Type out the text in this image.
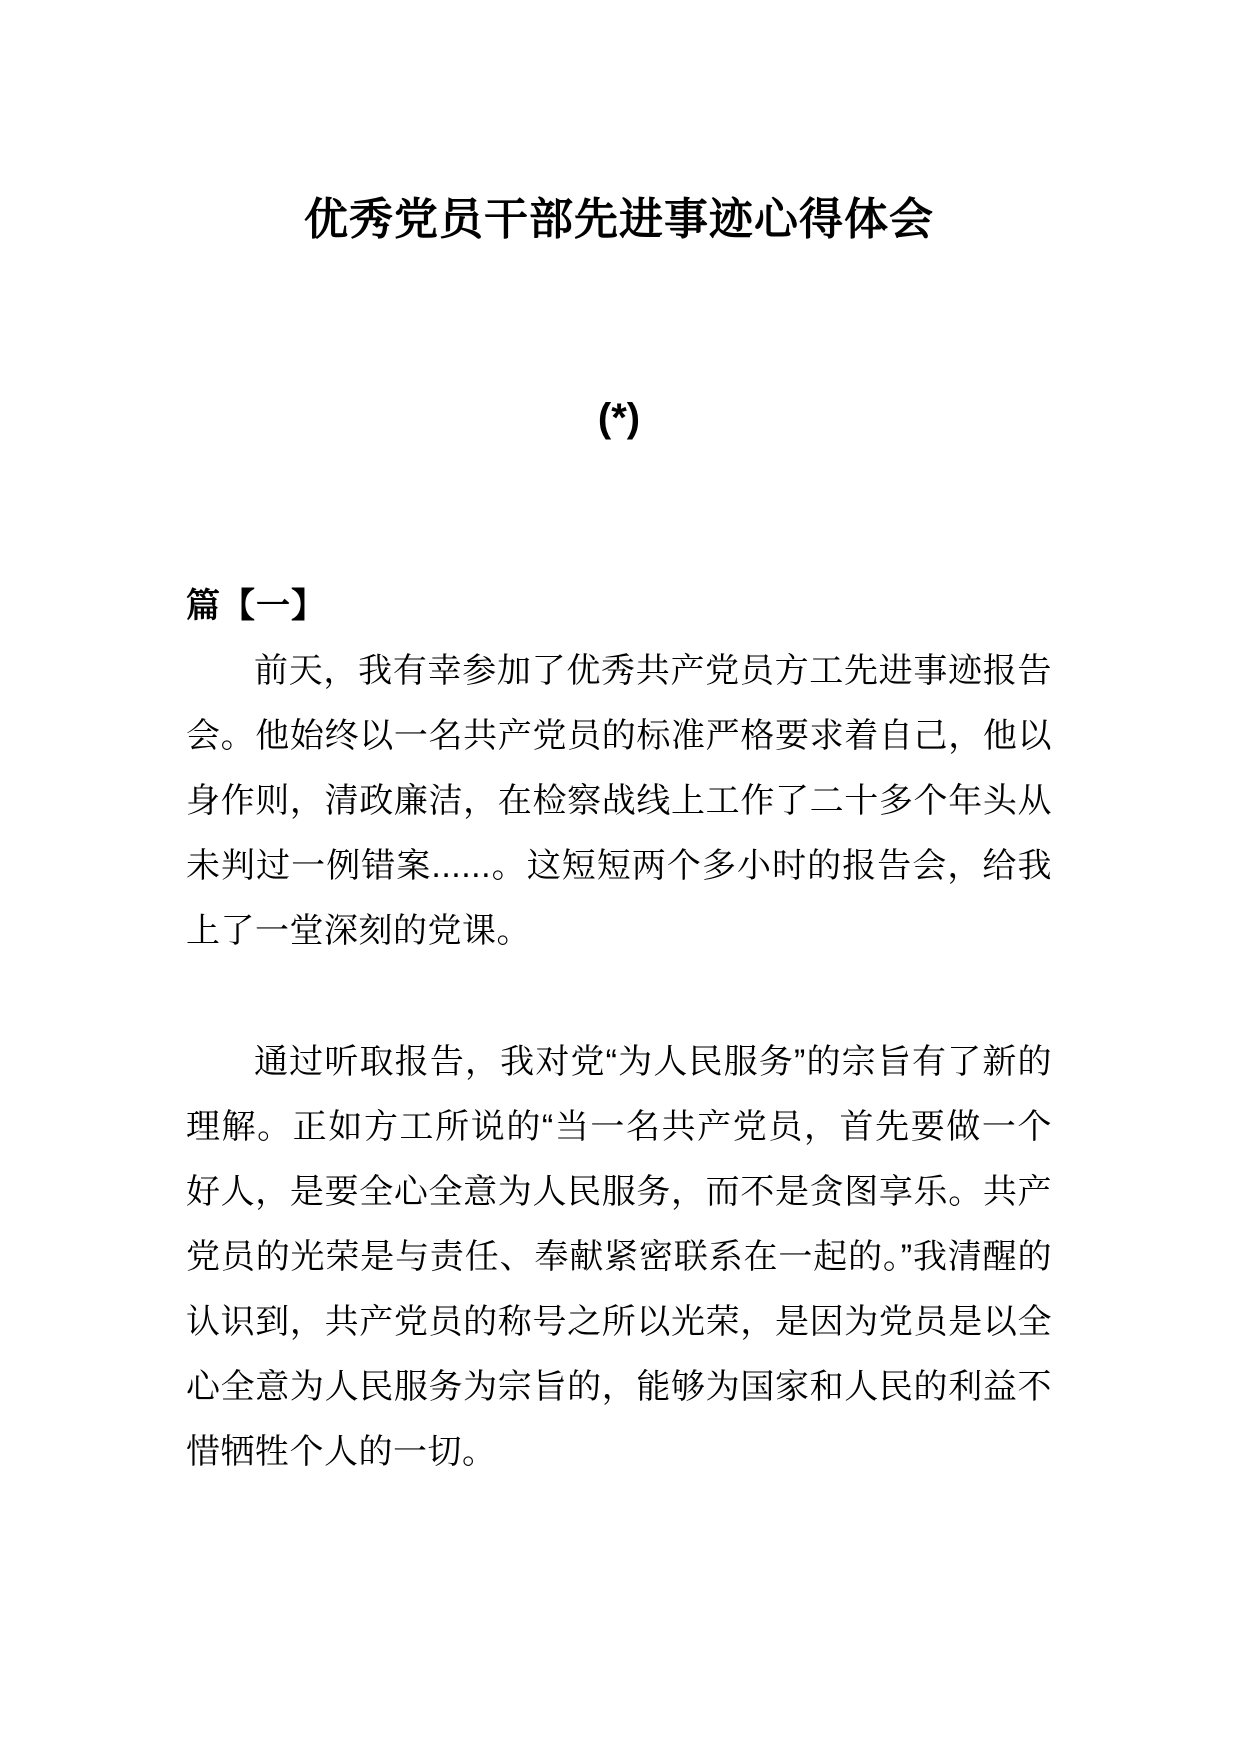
优秀党员干部先进事迹心得体会
(*)
篇【一】

前天，我有幸参加了优秀共产党员方工先进事迹报告会。他始终以一名共产党员的标准严格要求着自己，他以身作则，清政廉洁，在检察战线上工作了二十多个年头从未判过一例错案......。这短短两个多小时的报告会，给我上了一堂深刻的党课。

通过听取报告，我对党“为人民服务”的宗旨有了新的理解。正如方工所说的“当一名共产党员，首先要做一个好人，是要全心全意为人民服务，而不是贪图享乐。共产党员的光荣是与责任、奉献紧密联系在一起的。”我清醒的认识到，共产党员的称号之所以光荣，是因为党员是以全心全意为人民服务为宗旨的，能够为国家和人民的利益不惜牺牲个人的一切。
